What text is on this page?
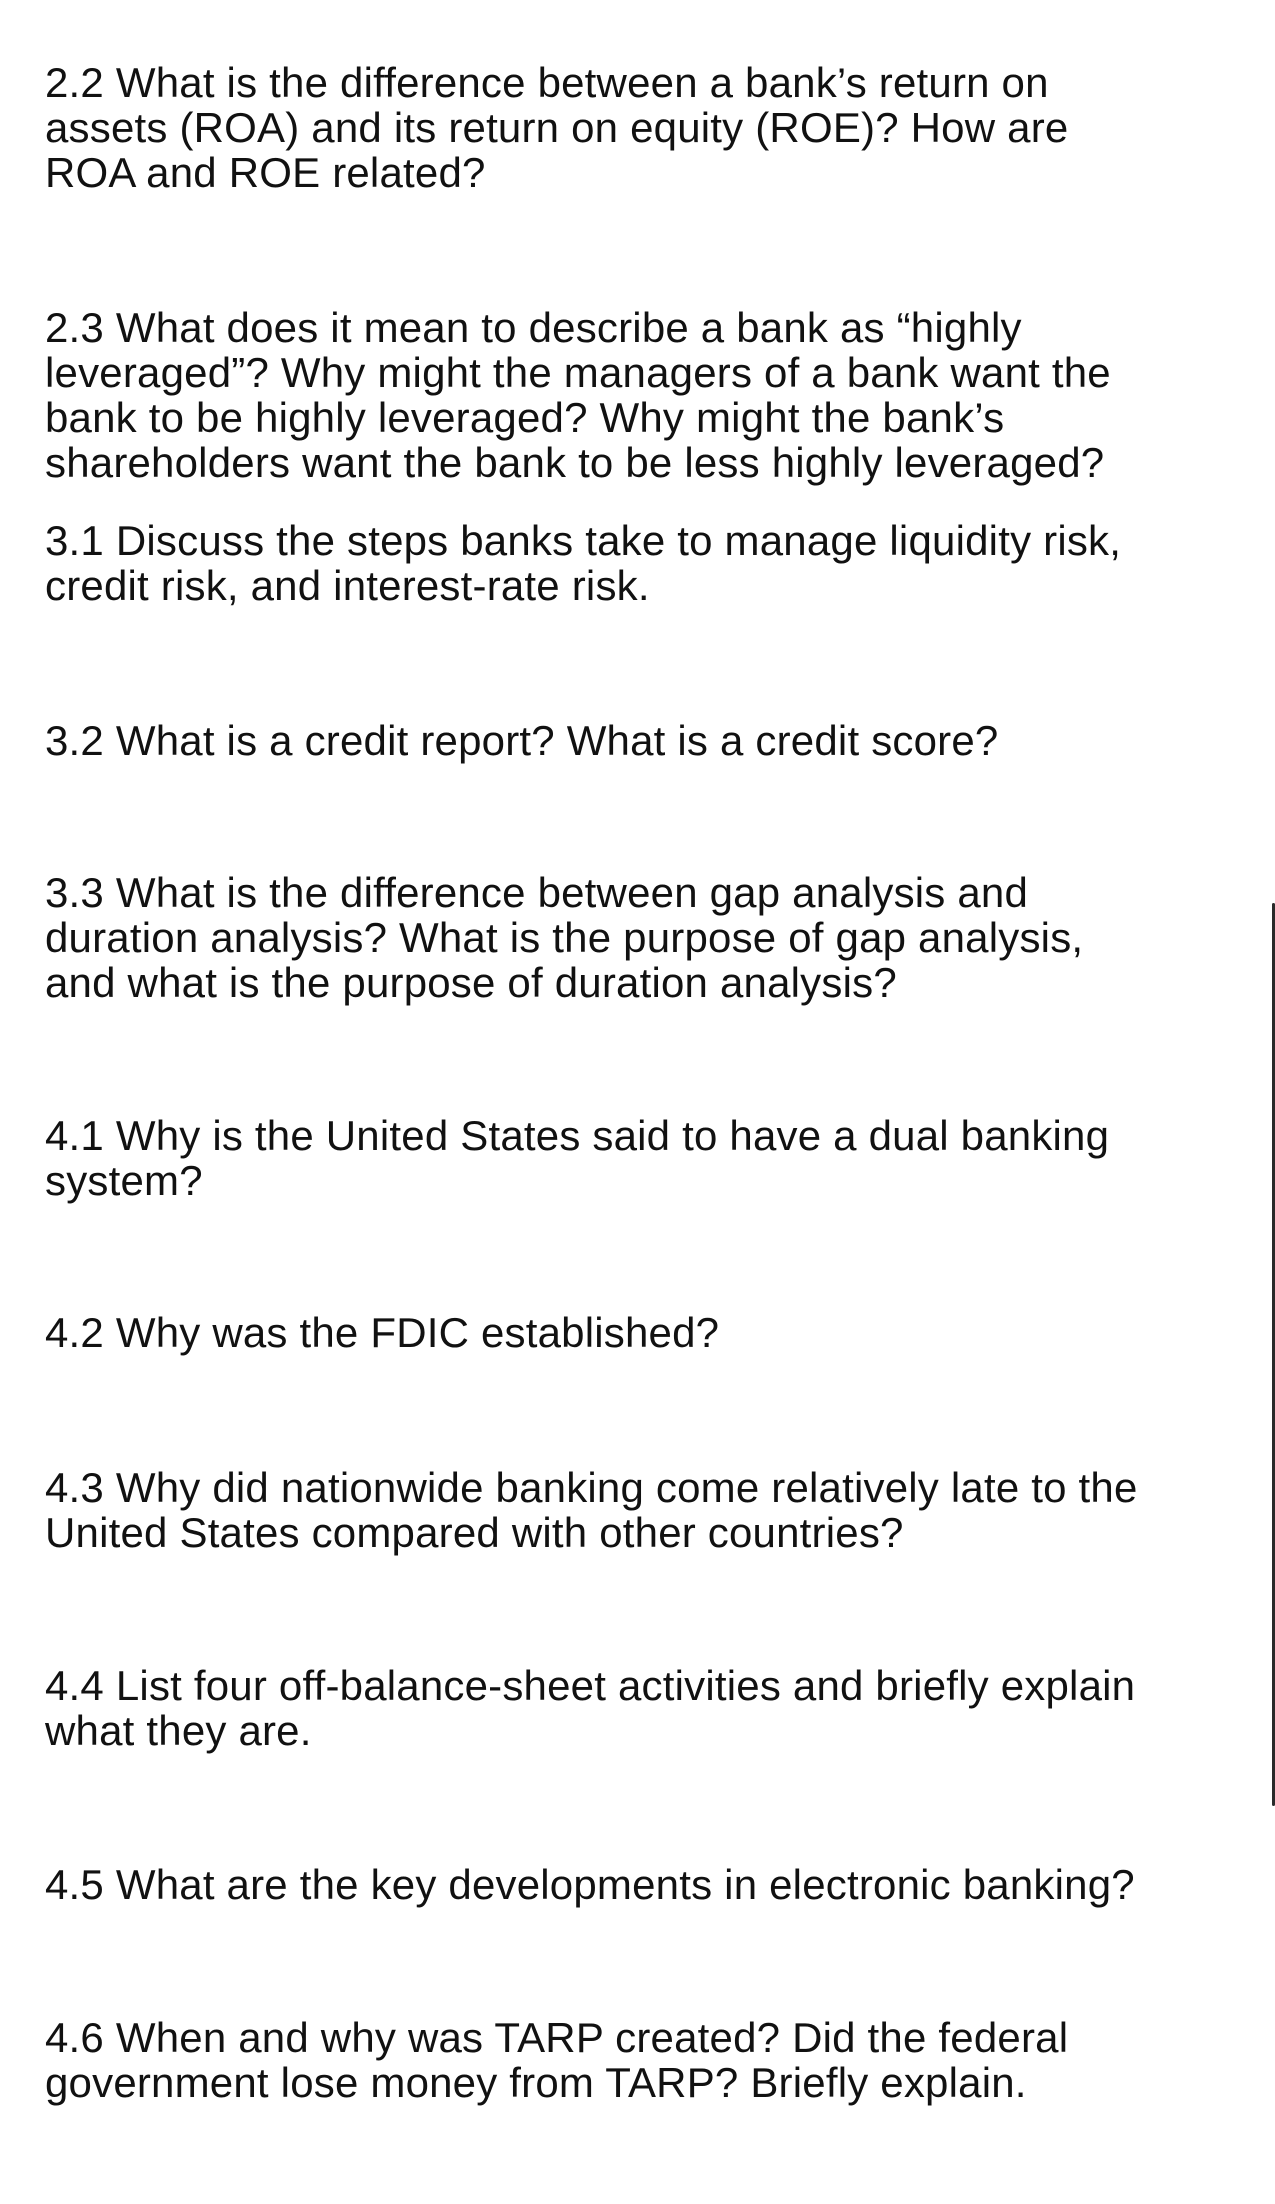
2.2 What is the difference between a bank’s return on
assets (ROA) and its return on equity (ROE)? How are
ROA and ROE related?

2.3 What does it mean to describe a bank as “highly
leveraged”? Why might the managers of a bank want the
bank to be highly leveraged? Why might the bank’s
shareholders want the bank to be less highly leveraged?

3.1 Discuss the steps banks take to manage liquidity risk,
credit risk, and interest-rate risk.

3.2 What is a credit report? What is a credit score?

3.3 What is the difference between gap analysis and
duration analysis? What is the purpose of gap analysis,
and what is the purpose of duration analysis?

4.1 Why is the United States said to have a dual banking
system?

4.2 Why was the FDIC established?

4.3 Why did nationwide banking come relatively late to the
United States compared with other countries?

4.4 List four off-balance-sheet activities and briefly explain
what they are.

4.5 What are the key developments in electronic banking?

4.6 When and why was TARP created? Did the federal
government lose money from TARP? Briefly explain.
